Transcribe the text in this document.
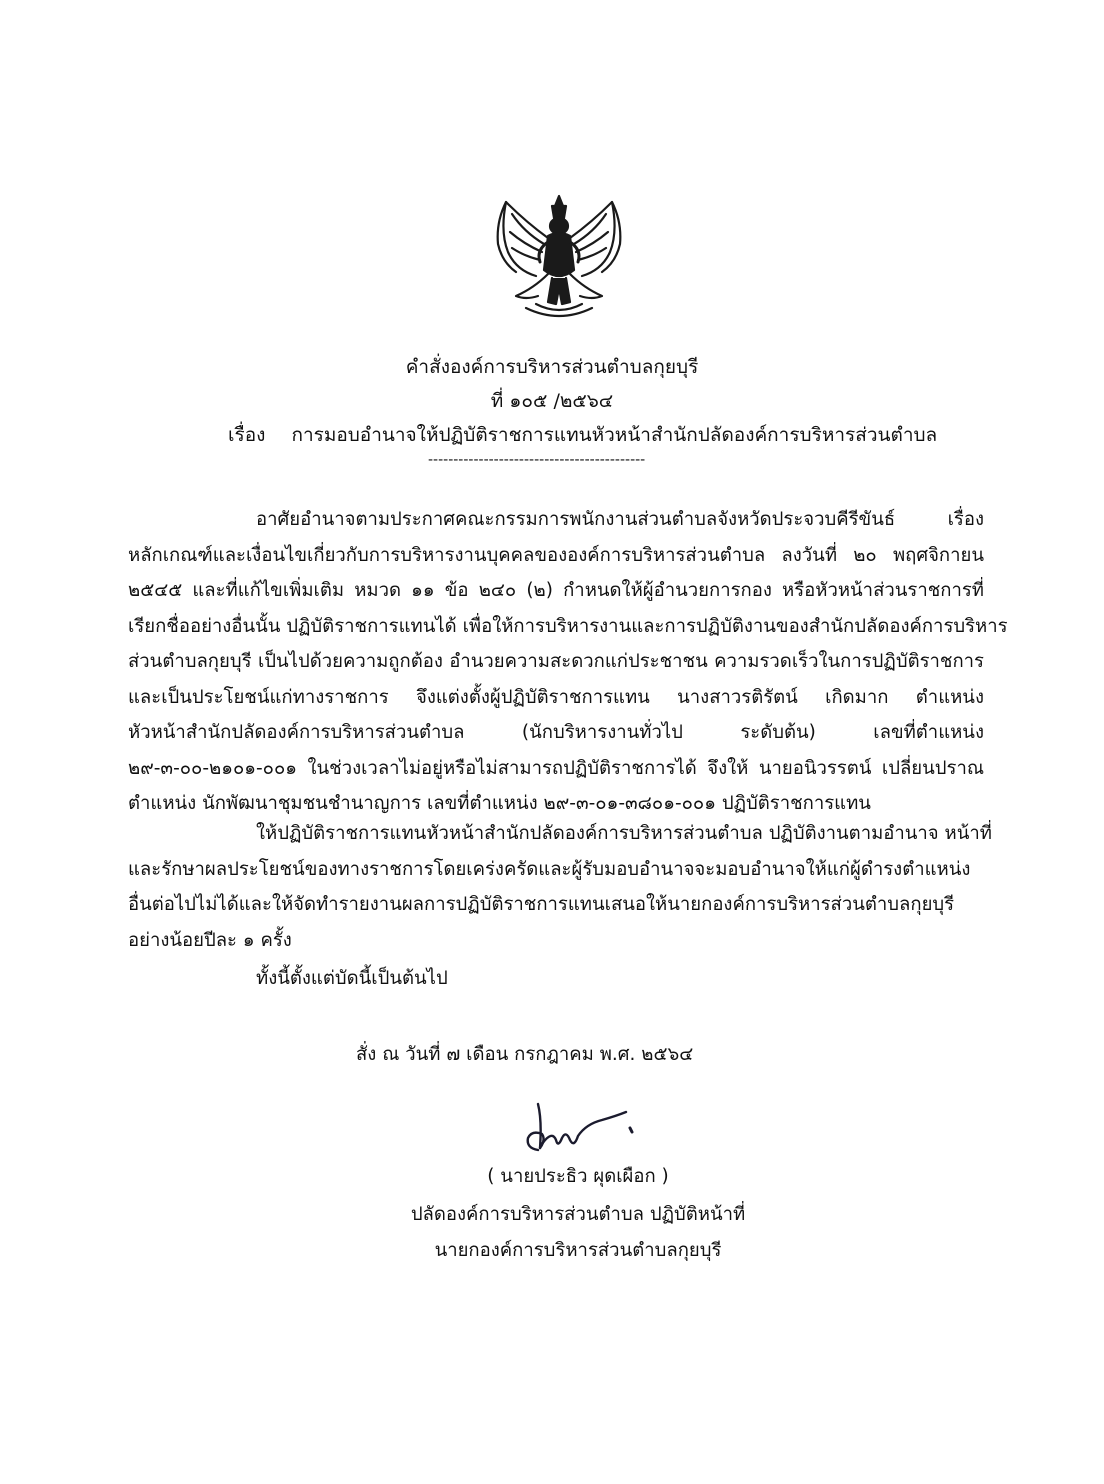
คำสั่งองค์การบริหารส่วนตำบลกุยบุรี
ที่ ๑๐๕ /๒๕๖๔
เรื่อง การมอบอำนาจให้ปฏิบัติราชการแทนหัวหน้าสำนักปลัดองค์การบริหารส่วนตำบล
-------------------------------------------
อาศัยอำนาจตามประกาศคณะกรรมการพนักงานส่วนตำบลจังหวัดประจวบคีรีขันธ์ เรื่อง
หลักเกณฑ์และเงื่อนไขเกี่ยวกับการบริหารงานบุคคลขององค์การบริหารส่วนตำบล ลงวันที่ ๒๐ พฤศจิกายน
๒๕๔๕ และที่แก้ไขเพิ่มเติม หมวด ๑๑ ข้อ ๒๔๐ (๒) กำหนดให้ผู้อำนวยการกอง หรือหัวหน้าส่วนราชการที่
เรียกชื่ออย่างอื่นนั้น ปฏิบัติราชการแทนได้ เพื่อให้การบริหารงานและการปฏิบัติงานของสำนักปลัดองค์การบริหาร
ส่วนตำบลกุยบุรี เป็นไปด้วยความถูกต้อง อำนวยความสะดวกแก่ประชาชน ความรวดเร็วในการปฏิบัติราชการ
และเป็นประโยชน์แก่ทางราชการ จึงแต่งตั้งผู้ปฏิบัติราชการแทน นางสาวรติรัตน์ เกิดมาก ตำแหน่ง
หัวหน้าสำนักปลัดองค์การบริหารส่วนตำบล (นักบริหารงานทั่วไป ระดับต้น) เลขที่ตำแหน่ง
๒๙-๓-๐๐-๒๑๐๑-๐๐๑ ในช่วงเวลาไม่อยู่หรือไม่สามารถปฏิบัติราชการได้ จึงให้ นายอนิวรรตน์ เปลี่ยนปราณ
ตำแหน่ง นักพัฒนาชุมชนชำนาญการ เลขที่ตำแหน่ง ๒๙-๓-๐๑-๓๘๐๑-๐๐๑ ปฏิบัติราชการแทน
ให้ปฏิบัติราชการแทนหัวหน้าสำนักปลัดองค์การบริหารส่วนตำบล ปฏิบัติงานตามอำนาจ หน้าที่
และรักษาผลประโยชน์ของทางราชการโดยเคร่งครัดและผู้รับมอบอำนาจจะมอบอำนาจให้แก่ผู้ดำรงตำแหน่ง
อื่นต่อไปไม่ได้และให้จัดทำรายงานผลการปฏิบัติราชการแทนเสนอให้นายกองค์การบริหารส่วนตำบลกุยบุรี
อย่างน้อยปีละ ๑ ครั้ง
ทั้งนี้ตั้งแต่บัดนี้เป็นต้นไป
สั่ง ณ วันที่ ๗ เดือน กรกฎาคม พ.ศ. ๒๕๖๔
( นายประธิว ผุดเผือก )
ปลัดองค์การบริหารส่วนตำบล ปฏิบัติหน้าที่
นายกองค์การบริหารส่วนตำบลกุยบุรี
